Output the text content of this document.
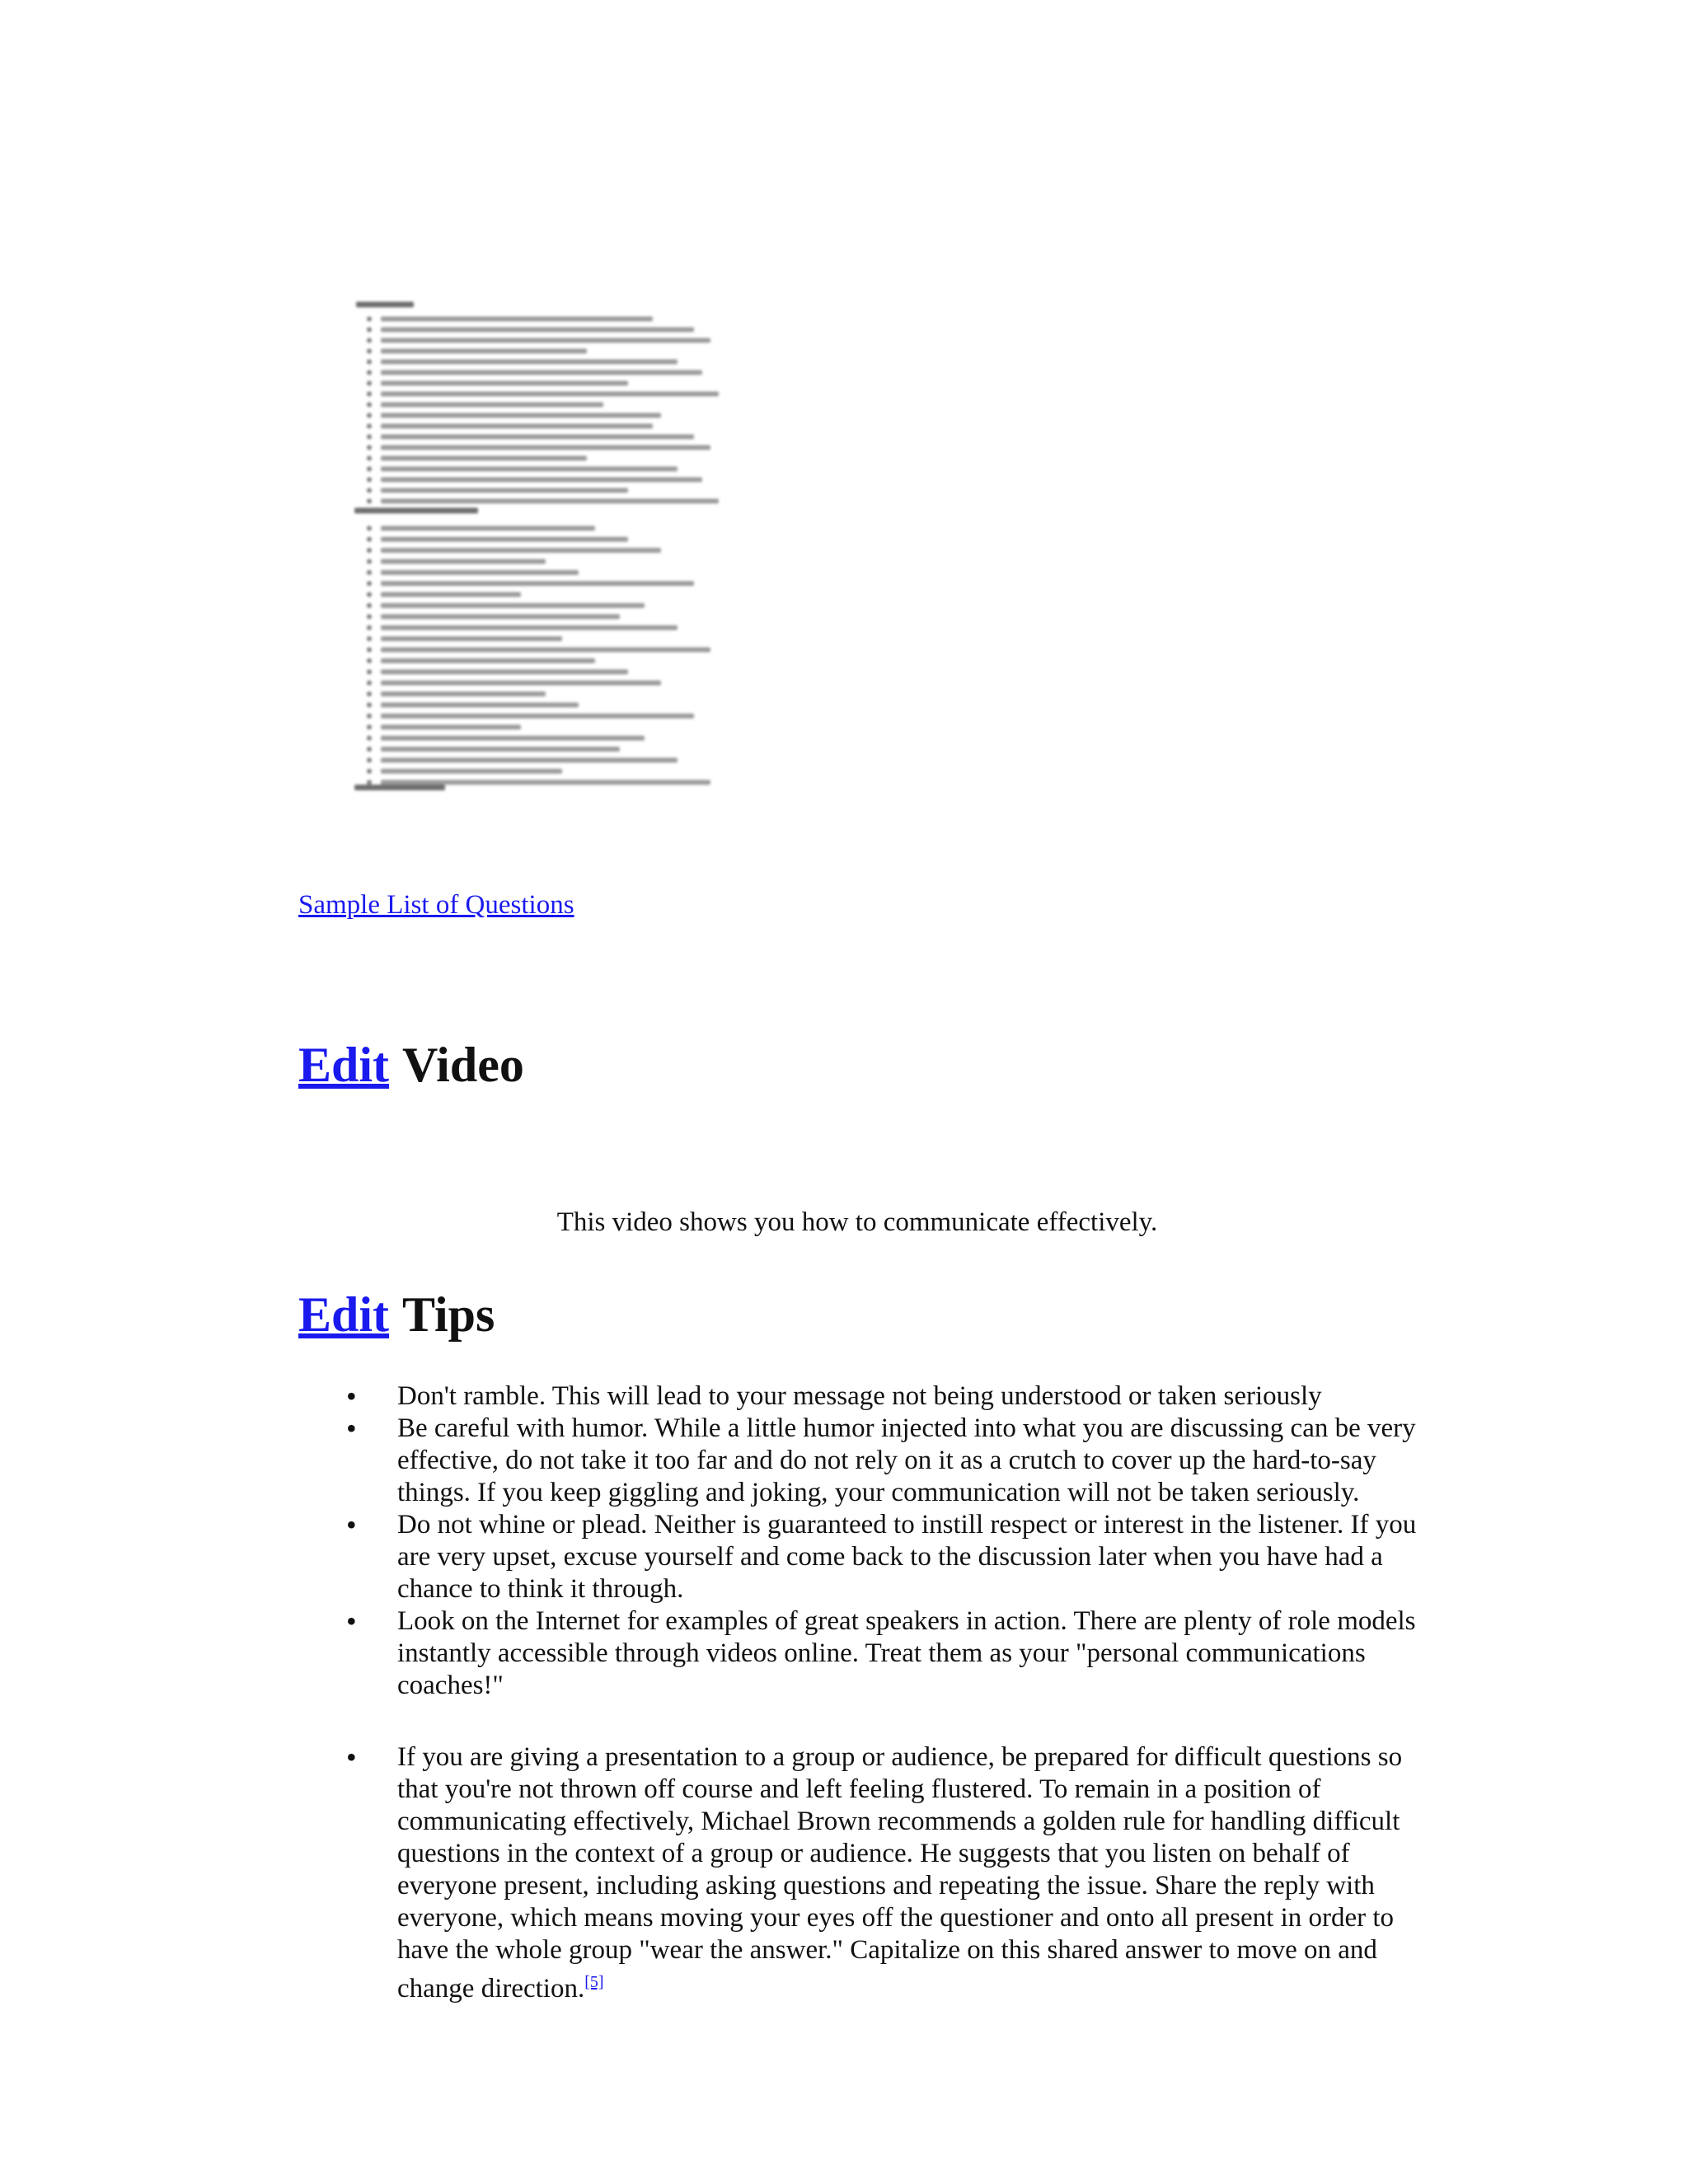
Sample List of Questions
Edit Video
This video shows you how to communicate effectively.
Edit Tips
• Don't ramble. This will lead to your message not being understood or taken seriously
• Be careful with humor. While a little humor injected into what you are discussing can be very effective, do not take it too far and do not rely on it as a crutch to cover up the hard-to-say things. If you keep giggling and joking, your communication will not be taken seriously.
• Do not whine or plead. Neither is guaranteed to instill respect or interest in the listener. If you are very upset, excuse yourself and come back to the discussion later when you have had a chance to think it through.
• Look on the Internet for examples of great speakers in action. There are plenty of role models instantly accessible through videos online. Treat them as your "personal communications coaches!"
• If you are giving a presentation to a group or audience, be prepared for difficult questions so that you're not thrown off course and left feeling flustered. To remain in a position of communicating effectively, Michael Brown recommends a golden rule for handling difficult questions in the context of a group or audience. He suggests that you listen on behalf of everyone present, including asking questions and repeating the issue. Share the reply with everyone, which means moving your eyes off the questioner and onto all present in order to have the whole group "wear the answer." Capitalize on this shared answer to move on and change direction.[5]
